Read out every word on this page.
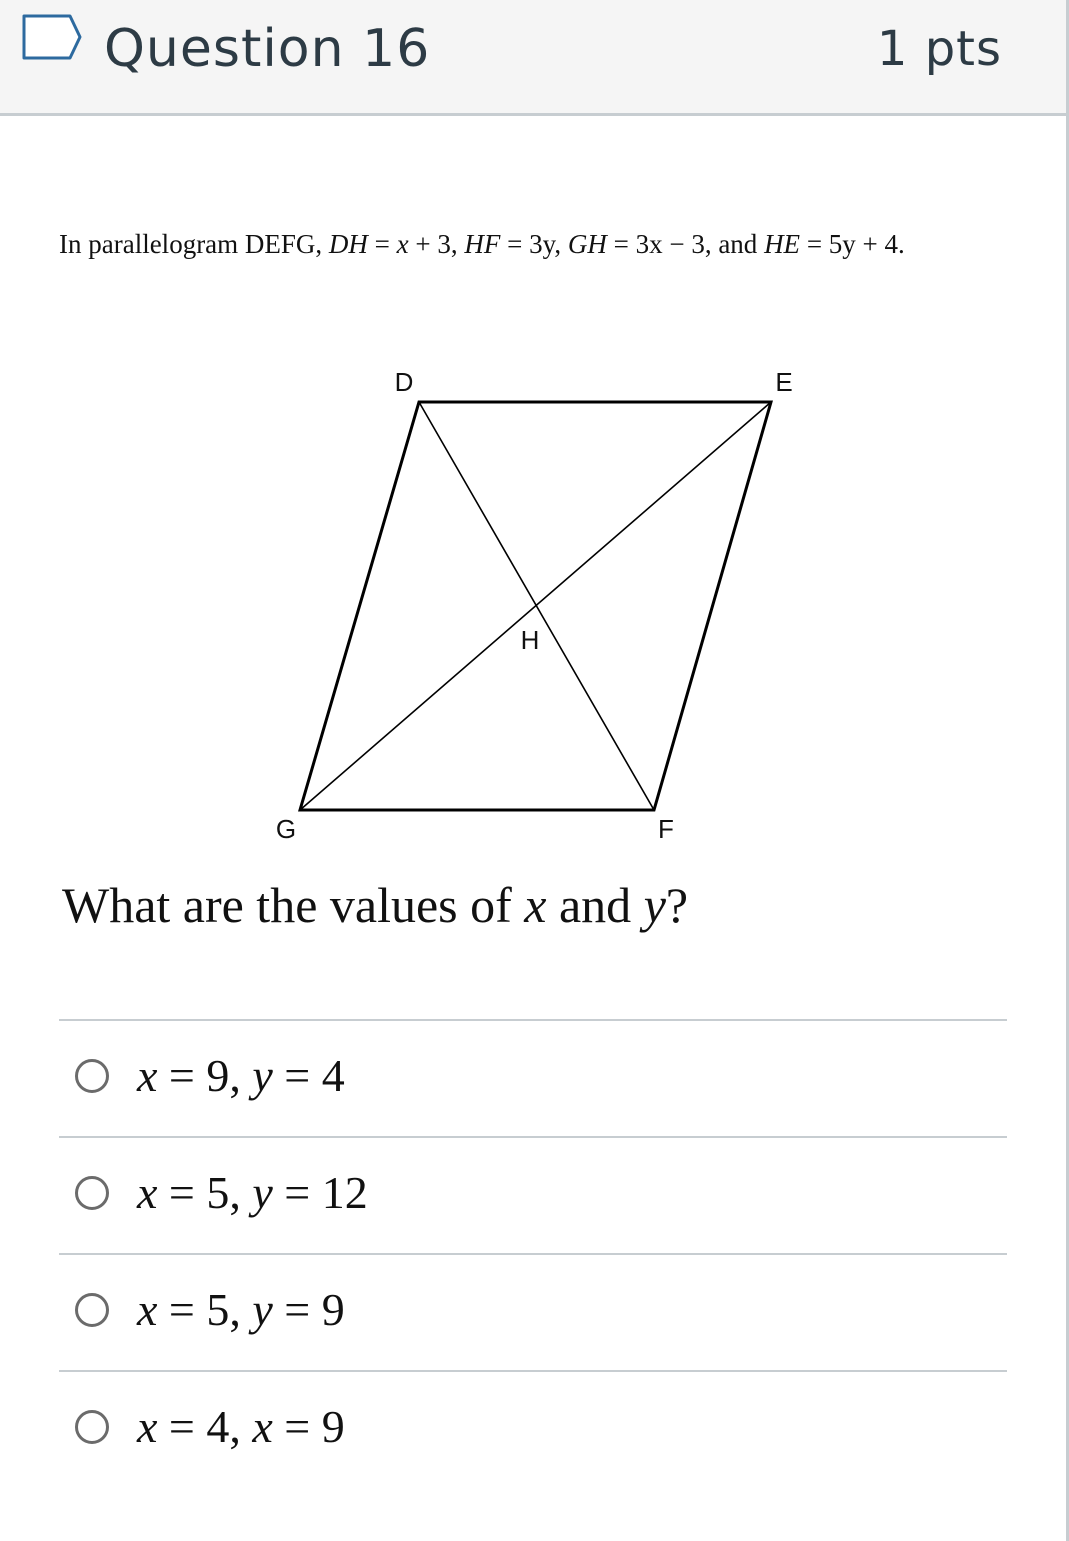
Question 16	1 pts
In parallelogram DEFG, DH = x + 3, HF = 3y, GH = 3x − 3, and HE = 5y + 4.
D	E
F
G
H
What are the values of x and y?
x = 9, y = 4
x = 5, y = 12
x = 5, y = 9
x = 4, x = 9
